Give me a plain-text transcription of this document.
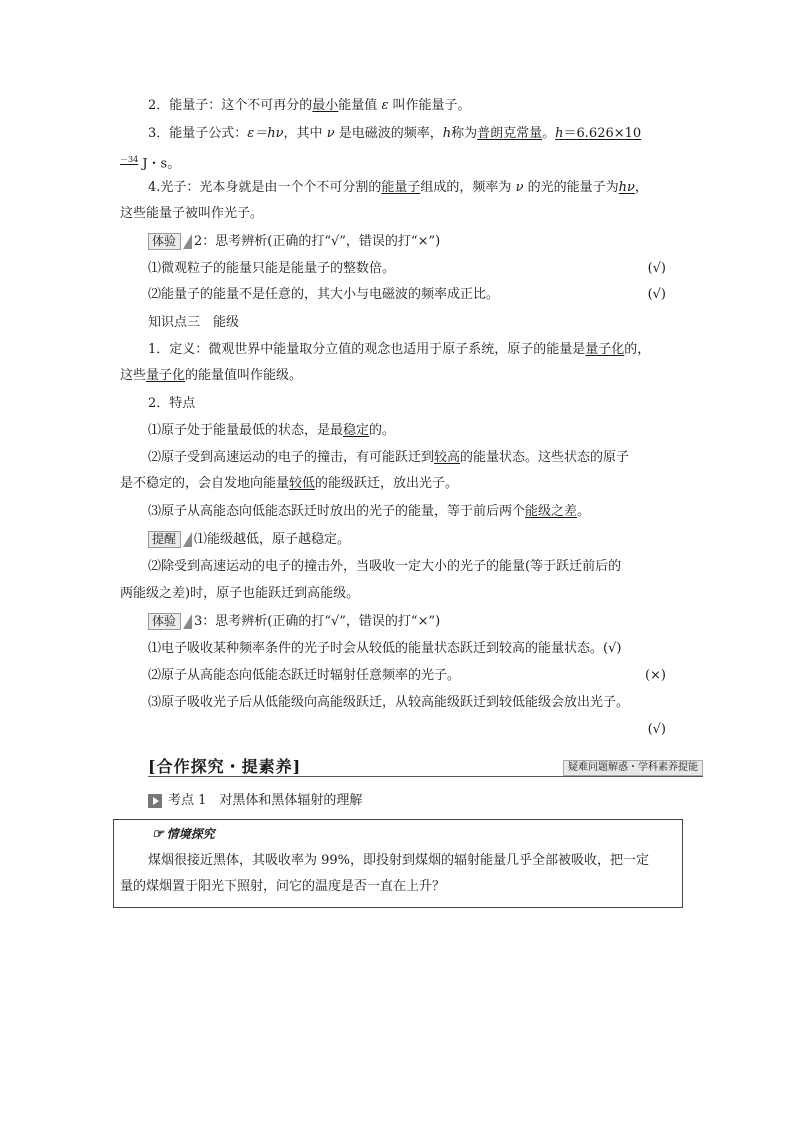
2．能量子：这个不可再分的最小能量值 ε 叫作能量子。
3．能量子公式：ε＝hν，其中 ν 是电磁波的频率，h称为普朗克常量。h＝6.626×10
$^{-34}$ J・s。
4.光子：光本身就是由一个个不可分割的能量子组成的，频率为 ν 的光的能量子为hν，
这些能量子被叫作光子。
体验 2：思考辨析(正确的打“√”，错误的打“×”)
⑴微观粒子的能量只能是能量子的整数倍。	(√)
⑵能量子的能量不是任意的，其大小与电磁波的频率成正比。	(√)
知识点三　能级
1．定义：微观世界中能量取分立值的观念也适用于原子系统，原子的能量是量子化的，
这些量子化的能量值叫作能级。
2．特点
⑴原子处于能量最低的状态，是最稳定的。
⑵原子受到高速运动的电子的撞击，有可能跃迁到较高的能量状态。这些状态的原子
是不稳定的，会自发地向能量较低的能级跃迁，放出光子。
⑶原子从高能态向低能态跃迁时放出的光子的能量，等于前后两个能级之差。
提醒 ⑴能级越低，原子越稳定。
⑵除受到高速运动的电子的撞击外，当吸收一定大小的光子的能量(等于跃迁前后的
两能级之差)时，原子也能跃迁到高能级。
体验 3：思考辨析(正确的打“√”，错误的打“×”)
⑴电子吸收某种频率条件的光子时会从较低的能量状态跃迁到较高的能量状态。(√)
⑵原子从高能态向低能态跃迁时辐射任意频率的光子。	(×)
⑶原子吸收光子后从低能级向高能级跃迁，从较高能级跃迁到较低能级会放出光子。
(√)
[合作探究・提素养]	疑难问题解惑・学科素养提能
考点 1　对黑体和黑体辐射的理解
☞ 情境探究
煤烟很接近黑体，其吸收率为 99%，即投射到煤烟的辐射能量几乎全部被吸收，把一定
量的煤烟置于阳光下照射，问它的温度是否一直在上升？
